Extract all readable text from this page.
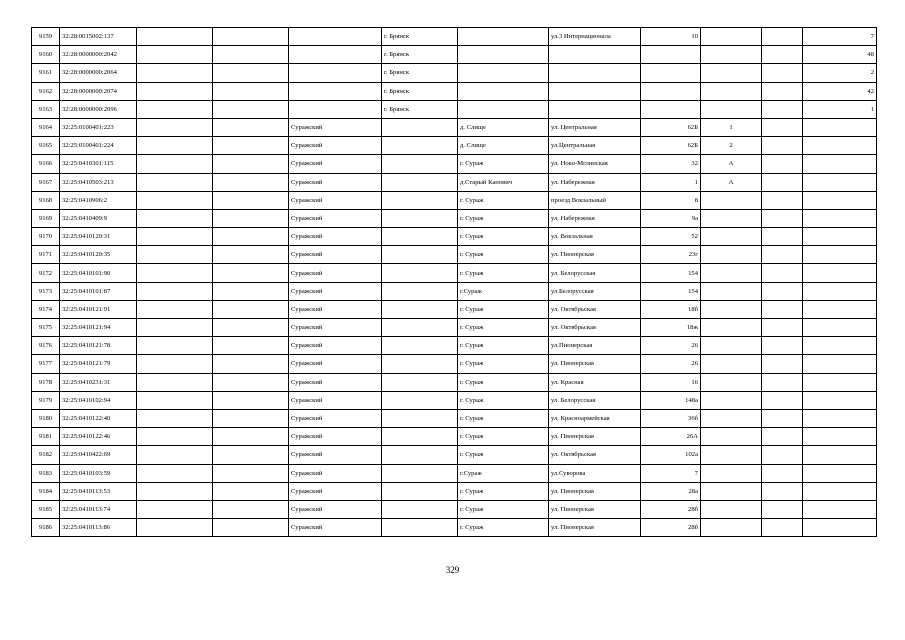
9159	32:28:0015002:137				г. Брянск		ул.3 Интернационала	10			7
9160	32:28:0000000:2042				г. Брянск						48
9161	32:28:0000000:2064				г. Брянск						2
9162	32:28:0000000:2074				г. Брянск						42
9163	32:28:0000000:2096				г. Брянск						1
9164	32:25:0100401:223			Суражский		д. Слище	ул. Центральная	62Б	1		
9165	32:25:0100401:224			Суражский		д. Слище	ул.Центральная	62Б	2		
9166	32:25:0410301:115			Суражский		г. Сураж	ул. Ново-Мглинская	32	А		
9167	32:25:0410503:213			Суражский		д.Старый Капович	ул. Набережная	1	А		
9168	32:25:0410906:2			Суражский		г. Сураж	проезд Вокзальный	8			
9169	32:25:0410409:9			Суражский		г. Сураж	ул. Набережная	9а			
9170	32:25:0410120:31			Суражский		г. Сураж	ул. Вокзальная	52			
9171	32:25:0410120:35			Суражский		г. Сураж	ул. Пионерская	23г			
9172	32:25:0410101:90			Суражский		г. Сураж	ул. Белорусская	154			
9173	32:25:0410101:87			Суражский		г.Сураж	ул.Белорусская	154			
9174	32:25:0410121:91			Суражский		г. Сураж	ул. Октябрьская	18б			
9175	32:25:0410121:94			Суражский		г. Сураж	ул. Октябрьская	18ж			
9176	32:25:0410121:78			Суражский		г. Сураж	ул.Пионерская	26			
9177	32:25:0410121:79			Суражский		г. Сураж	ул. Пионерская	26			
9178	32:25:0410231:31			Суражский		г. Сураж	ул. Красная	16			
9179	32:25:0410102:94			Суражский		г. Сураж	ул. Белорусская	148а			
9180	32:25:0410122:40			Суражский		г. Сураж	ул. Красноармейская	36б			
9181	32:25:0410122:46			Суражский		г. Сураж	ул. Пионерская	26А			
9182	32:25:0410422:69			Суражский		г. Сураж	ул. Октябрьская	102а			
9183	32:25:0410103:59			Суражский		г.Сураж	ул.Суворова	7			
9184	32:25:0410113:53			Суражский		г. Сураж	ул. Пионерская	28а			
9185	32:25:0410113:74			Суражский		г. Сураж	ул. Пионерская	28б			
9186	32:25:0410113:86			Суражский		г. Сураж	ул. Пионерская	28б			
329
